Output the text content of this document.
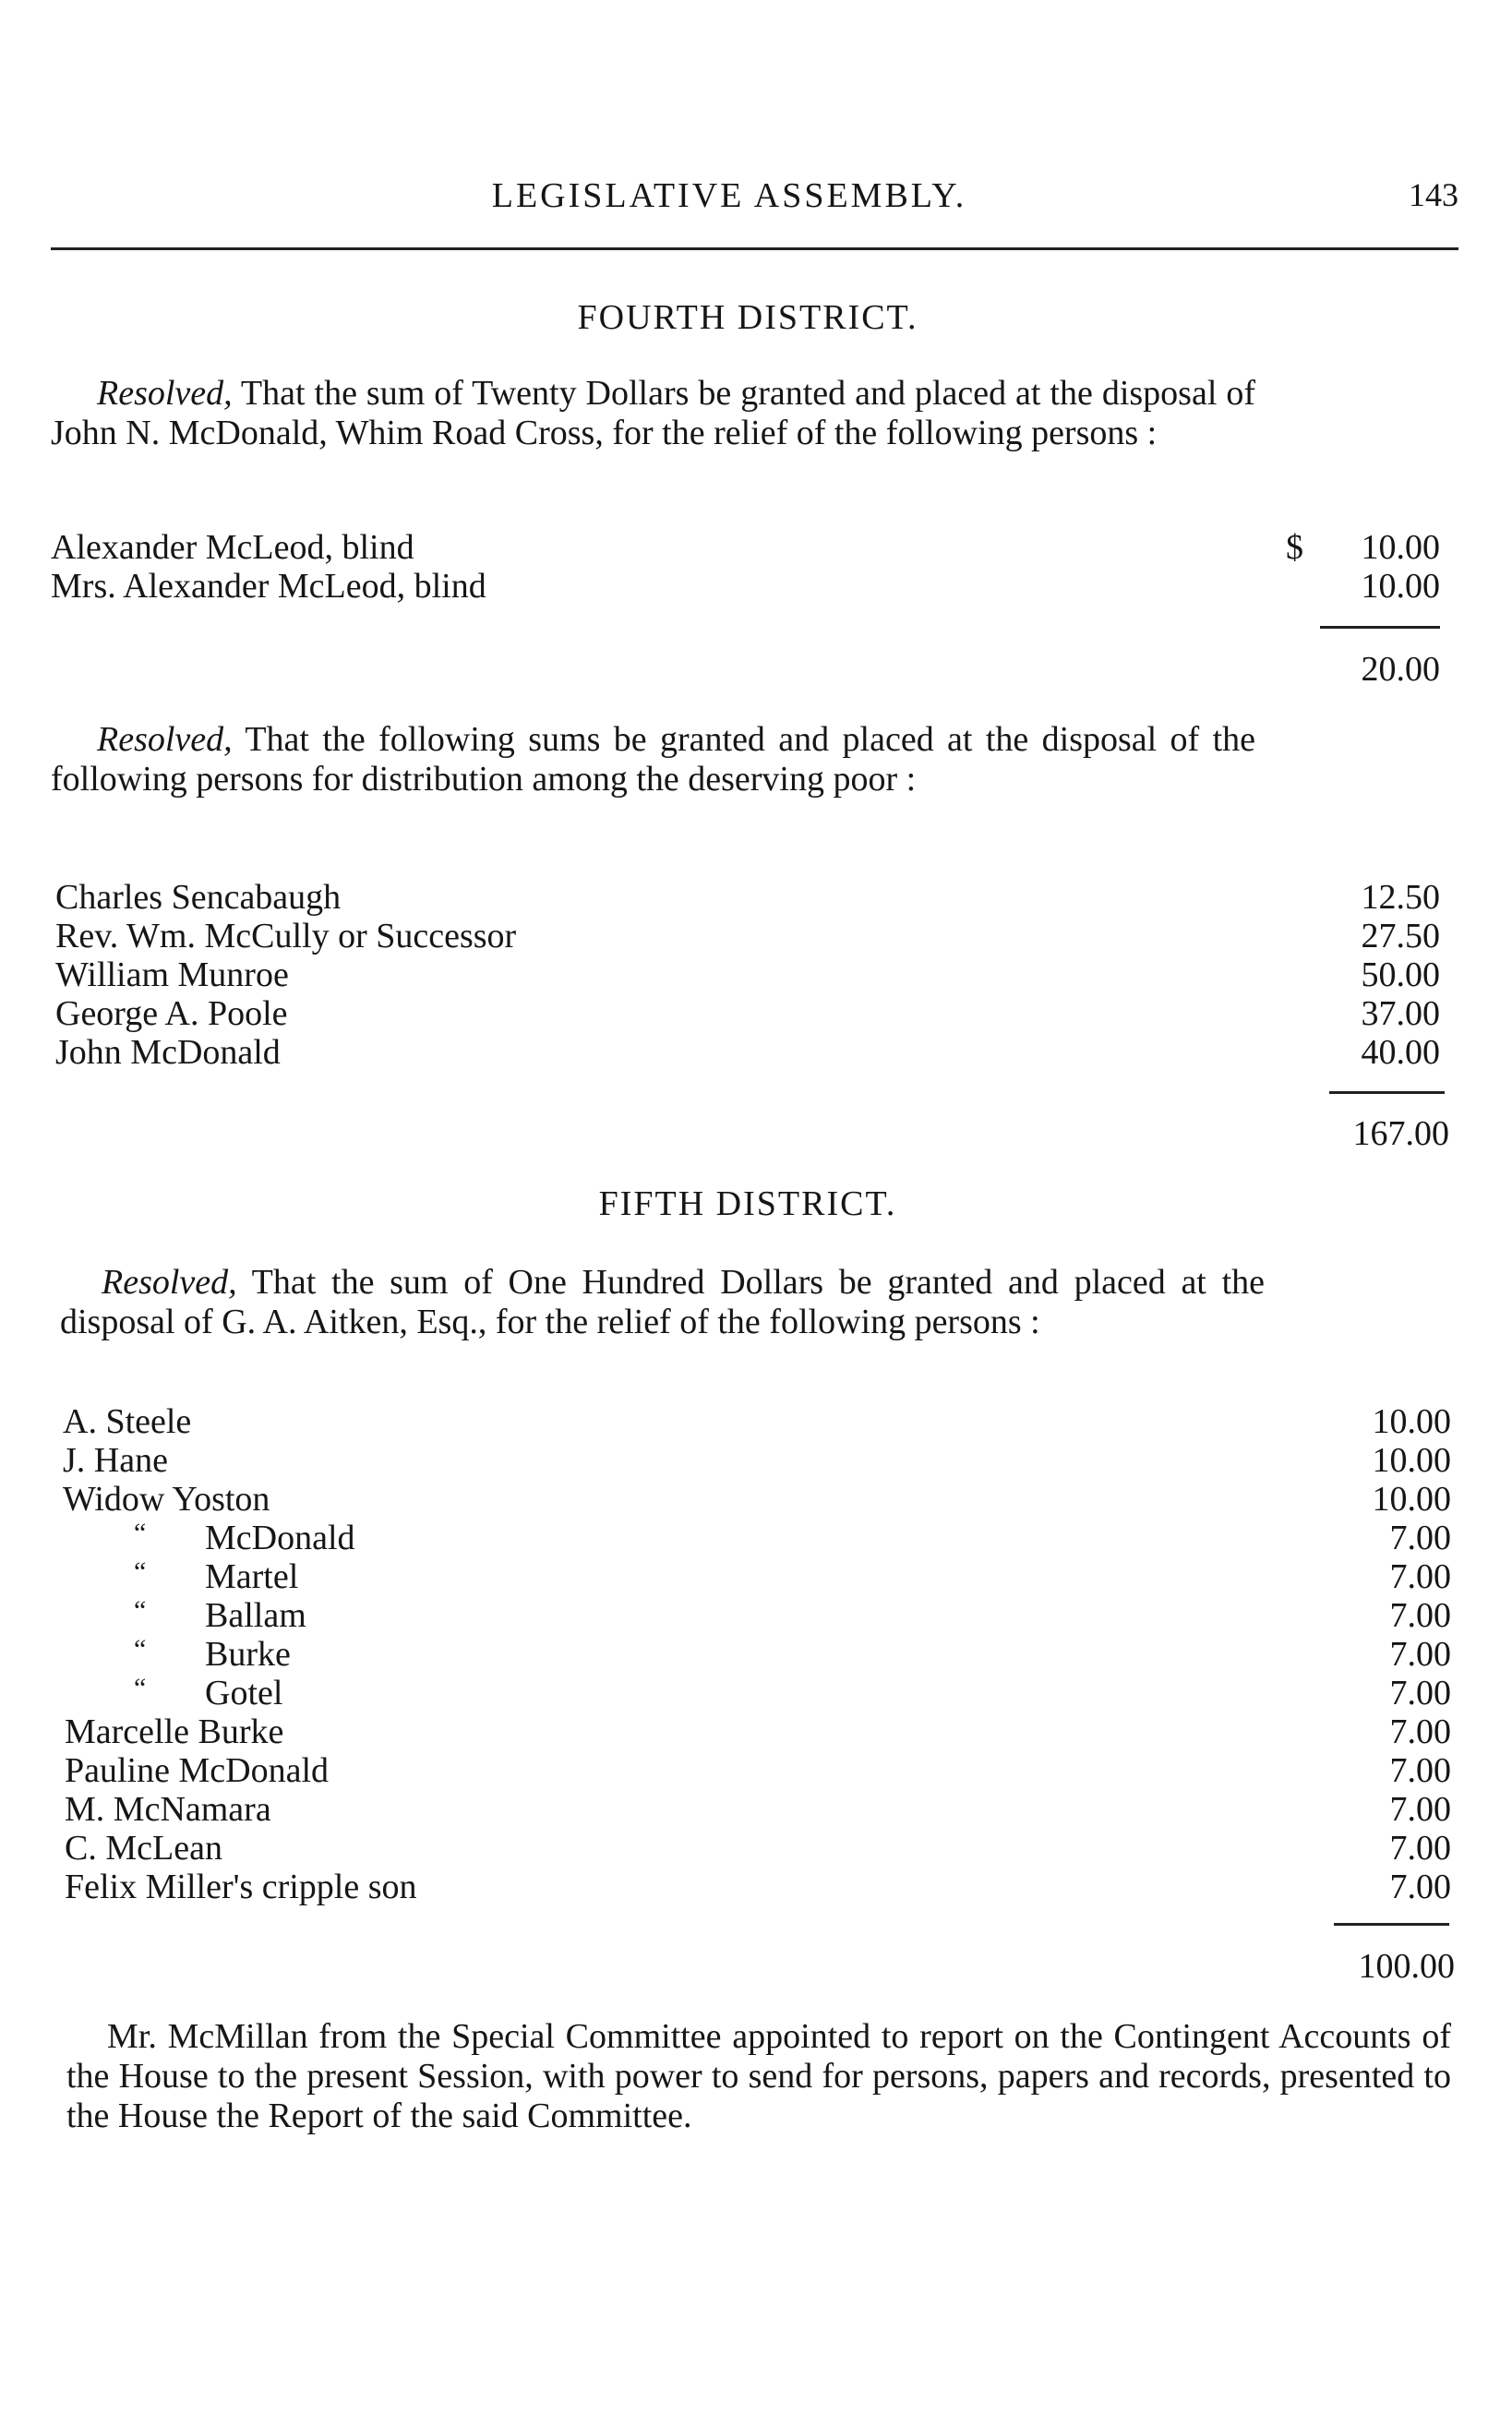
LEGISLATIVE ASSEMBLY.	143
FOURTH DISTRICT.
Resolved, That the sum of Twenty Dollars be granted and placed at the disposal of John N. McDonald, Whim Road Cross, for the relief of the following persons :
Alexander McLeod, blind	$ 10.00
Mrs. Alexander McLeod, blind	10.00
20.00
Resolved, That the following sums be granted and placed at the disposal of the following persons for distribution among the deserving poor :
Charles Sencabaugh	12.50
Rev. Wm. McCully or Successor	27.50
William Munroe	50.00
George A. Poole	37.00
John McDonald	40.00
167.00
FIFTH DISTRICT.
Resolved, That the sum of One Hundred Dollars be granted and placed at the disposal of G. A. Aitken, Esq., for the relief of the following persons :
A. Steele	10.00
J. Hane	10.00
Widow Yoston	10.00
“ McDonald	7.00
“ Martel	7.00
“ Ballam	7.00
“ Burke	7.00
“ Gotel	7.00
Marcelle Burke	7.00
Pauline McDonald	7.00
M. McNamara	7.00
C. McLean	7.00
Felix Miller's cripple son	7.00
100.00
Mr. McMillan from the Special Committee appointed to report on the Contingent Accounts of the House to the present Session, with power to send for persons, papers and records, presented to the House the Report of the said Committee.
